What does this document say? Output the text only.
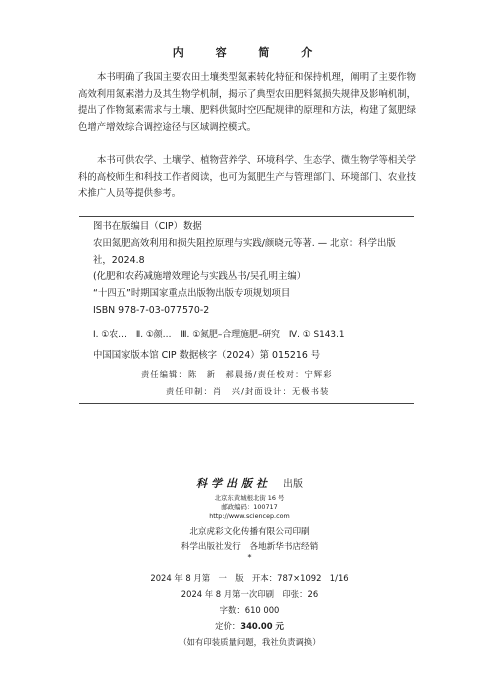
内 容 简 介

本书明确了我国主要农田土壤类型氮素转化特征和保持机理，阐明了主要作物高效利用氮素潜力及其生物学机制，揭示了典型农田肥料氮损失规律及影响机制，提出了作物氮素需求与土壤、肥料供氮时空匹配规律的原理和方法，构建了氮肥绿色增产增效综合调控途径与区域调控模式。

本书可供农学、土壤学、植物营养学、环境科学、生态学、微生物学等相关学科的高校师生和科技工作者阅读，也可为氮肥生产与管理部门、环境部门、农业技术推广人员等提供参考。

图书在版编目（CIP）数据
农田氮肥高效利用和损失阻控原理与实践/颜晓元等著. — 北京：科学出版社，2024.8
(化肥和农药减施增效理论与实践丛书/吴孔明主编）
“十四五”时期国家重点出版物出版专项规划项目
ISBN 978-7-03-077570-2
Ⅰ. ①农…　Ⅱ. ①颜…　Ⅲ. ①氮肥–合理施肥–研究　Ⅳ. ① S143.1
中国国家版本馆 CIP 数据核字（2024）第 015216 号
责任编辑：陈　新　郝晨扬/责任校对：宁辉彩
责任印制：肖　兴/封面设计：无极书装
科学出版社 出版
北京东黄城根北街 16 号
邮政编码：100717
http://www.sciencep.com
北京虎彩文化传播有限公司印刷
科学出版社发行　各地新华书店经销
*
2024 年 8 月第　一　版　开本：787×1092　1/16
2024 年 8 月第一次印刷　印张：26
字数：610 000
定价：340.00 元
（如有印装质量问题，我社负责调换）
